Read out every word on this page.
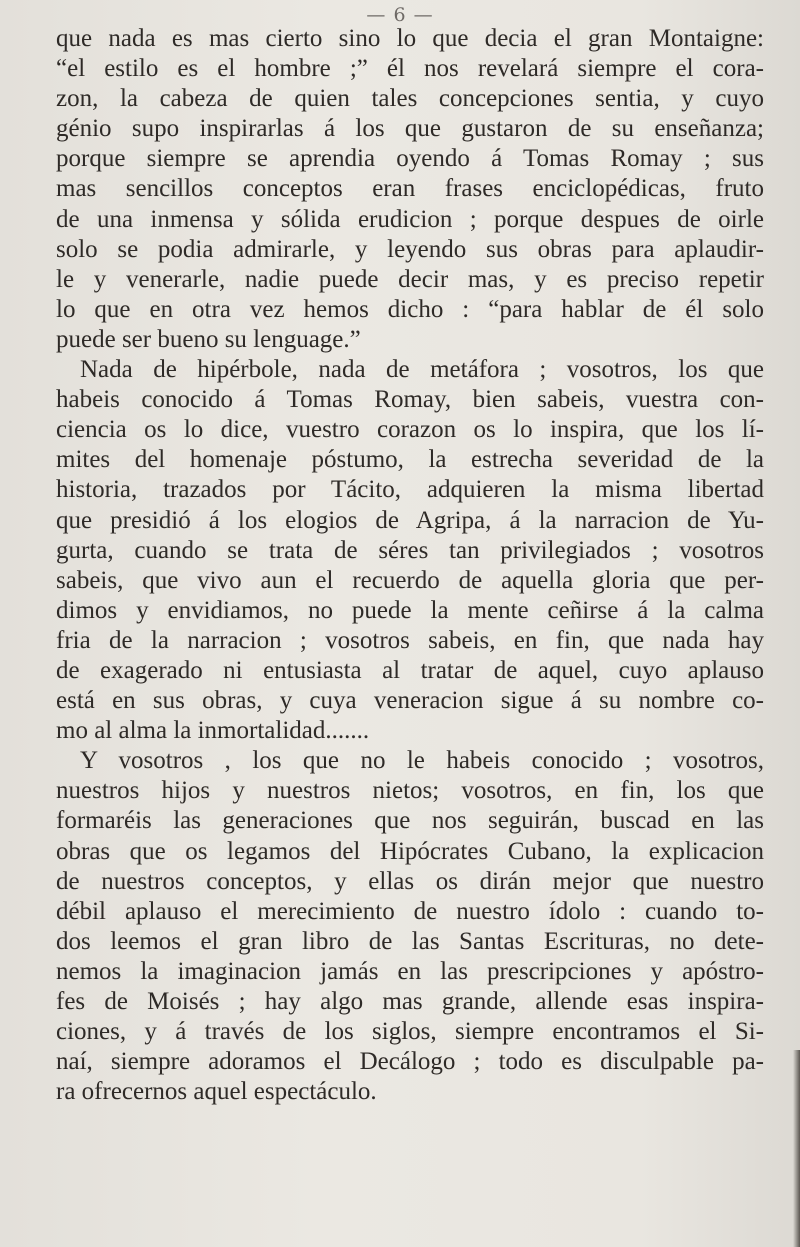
— 6 —
que nada es mas cierto sino lo que decia el gran Montaigne:
“el estilo es el hombre ;” él nos revelará siempre el cora-
zon, la cabeza de quien tales concepciones sentia, y cuyo
génio supo inspirarlas á los que gustaron de su enseñanza;
porque siempre se aprendia oyendo á Tomas Romay ; sus
mas sencillos conceptos eran frases enciclopédicas, fruto
de una inmensa y sólida erudicion ; porque despues de oirle
solo se podia admirarle, y leyendo sus obras para aplaudir-
le y venerarle, nadie puede decir mas, y es preciso repetir
lo que en otra vez hemos dicho : “para hablar de él solo
puede ser bueno su lenguage.”
Nada de hipérbole, nada de metáfora ; vosotros, los que
habeis conocido á Tomas Romay, bien sabeis, vuestra con-
ciencia os lo dice, vuestro corazon os lo inspira, que los lí-
mites del homenaje póstumo, la estrecha severidad de la
historia, trazados por Tácito, adquieren la misma libertad
que presidió á los elogios de Agripa, á la narracion de Yu-
gurta, cuando se trata de séres tan privilegiados ; vosotros
sabeis, que vivo aun el recuerdo de aquella gloria que per-
dimos y envidiamos, no puede la mente ceñirse á la calma
fria de la narracion ; vosotros sabeis, en fin, que nada hay
de exagerado ni entusiasta al tratar de aquel, cuyo aplauso
está en sus obras, y cuya veneracion sigue á su nombre co-
mo al alma la inmortalidad.......
Y vosotros , los que no le habeis conocido ; vosotros,
nuestros hijos y nuestros nietos; vosotros, en fin, los que
formaréis las generaciones que nos seguirán, buscad en las
obras que os legamos del Hipócrates Cubano, la explicacion
de nuestros conceptos, y ellas os dirán mejor que nuestro
débil aplauso el merecimiento de nuestro ídolo : cuando to-
dos leemos el gran libro de las Santas Escrituras, no dete-
nemos la imaginacion jamás en las prescripciones y apóstro-
fes de Moisés ; hay algo mas grande, allende esas inspira-
ciones, y á través de los siglos, siempre encontramos el Si-
naí, siempre adoramos el Decálogo ; todo es disculpable pa-
ra ofrecernos aquel espectáculo.
